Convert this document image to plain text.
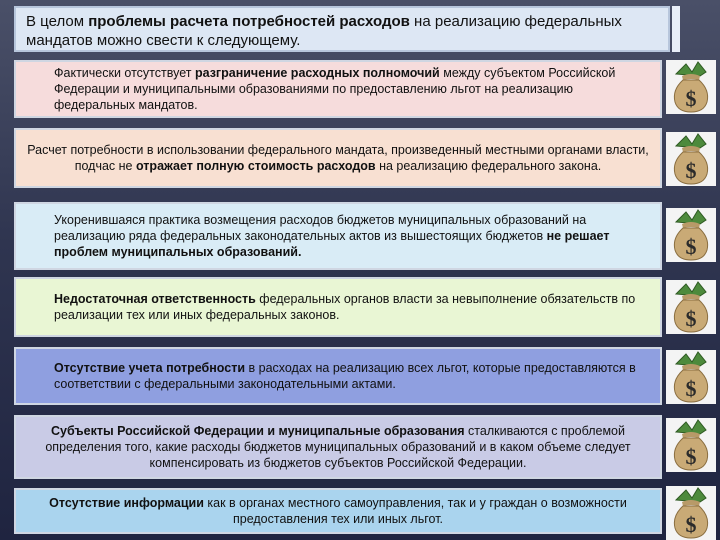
В целом проблемы расчета потребностей расходов на реализацию федеральных мандатов можно свести к следующему.
Фактически отсутствует разграничение расходных полномочий между субъектом Российской Федерации и муниципальными образованиями по предоставлению льгот на реализацию федеральных мандатов.
Расчет потребности в использовании федерального мандата, произведенный местными органами власти, подчас не отражает полную стоимость расходов на реализацию федерального закона.
Укоренившаяся практика возмещения расходов бюджетов муниципальных образований на реализацию ряда федеральных законодательных актов из вышестоящих бюджетов не решает проблем муниципальных образований.
Недостаточная ответственность федеральных органов власти за невыполнение обязательств по реализации тех или иных федеральных законов.
Отсутствие учета потребности в расходах на реализацию всех льгот, которые предоставляются в соответствии с федеральными законодательными актами.
Субъекты Российской Федерации и муниципальные образования сталкиваются с проблемой определения того, какие расходы бюджетов муниципальных образований и в каком объеме следует компенсировать из бюджетов субъектов Российской Федерации.
Отсутствие информации как в органах местного самоуправления, так и у граждан о возможности предоставления тех или иных льгот.
$
$
$
$
$
$
$
